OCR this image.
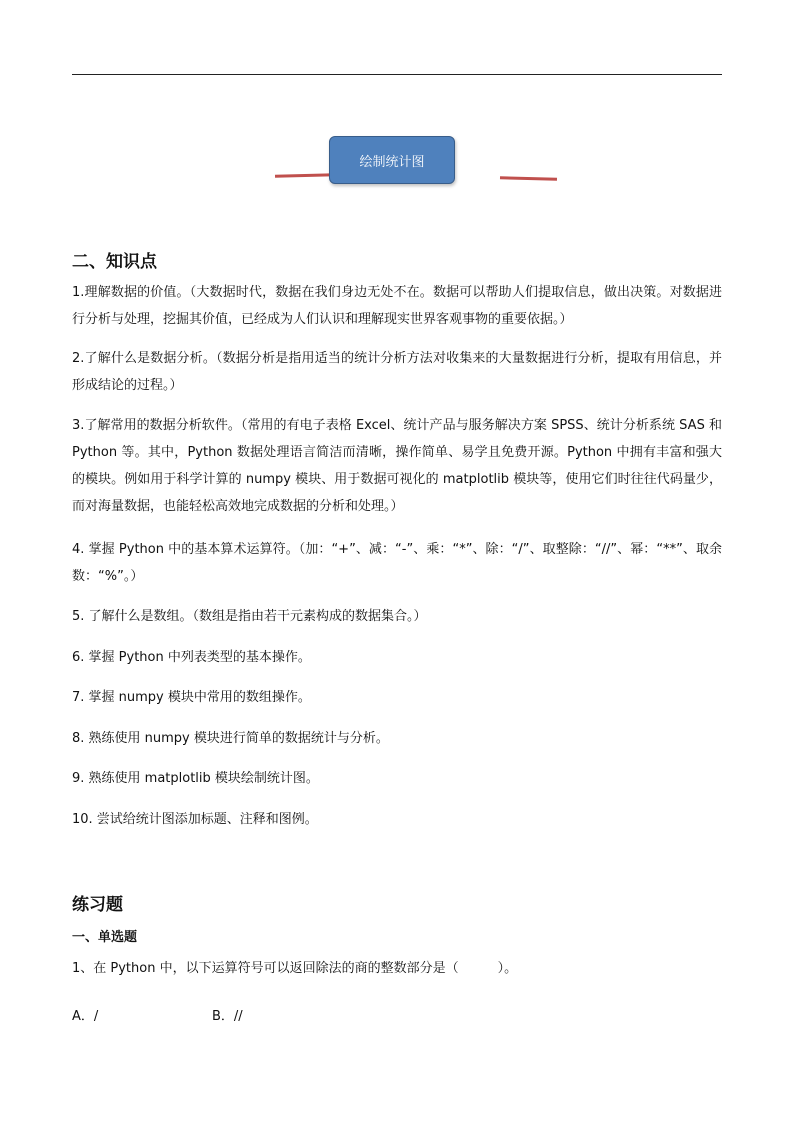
绘制统计图
二、知识点

1.理解数据的价值。（大数据时代，数据在我们身边无处不在。数据可以帮助人们提取信息，做出决策。对数据进行分析与处理，挖掘其价值，已经成为人们认识和理解现实世界客观事物的重要依据。）

2.了解什么是数据分析。（数据分析是指用适当的统计分析方法对收集来的大量数据进行分析，提取有用信息，并形成结论的过程。）

3.了解常用的数据分析软件。（常用的有电子表格 Excel、统计产品与服务解决方案 SPSS、统计分析系统 SAS 和 Python 等。其中，Python 数据处理语言简洁而清晰，操作简单、易学且免费开源。Python 中拥有丰富和强大的模块。例如用于科学计算的 numpy 模块、用于数据可视化的 matplotlib 模块等，使用它们时往往代码量少，而对海量数据，也能轻松高效地完成数据的分析和处理。）

4. 掌握 Python 中的基本算术运算符。（加：“+”、减：“-”、乘：“*”、除：“/”、取整除：“//”、幂：“**”、取余数：“%”。）

5. 了解什么是数组。（数组是指由若干元素构成的数据集合。）

6. 掌握 Python 中列表类型的基本操作。

7. 掌握 numpy 模块中常用的数组操作。

8. 熟练使用 numpy 模块进行简单的数据统计与分析。

9. 熟练使用 matplotlib 模块绘制统计图。

10. 尝试给统计图添加标题、注释和图例。

练习题
一、单选题

1、在 Python 中，以下运算符号可以返回除法的商的整数部分是（　　　）。

A．/	B．//
